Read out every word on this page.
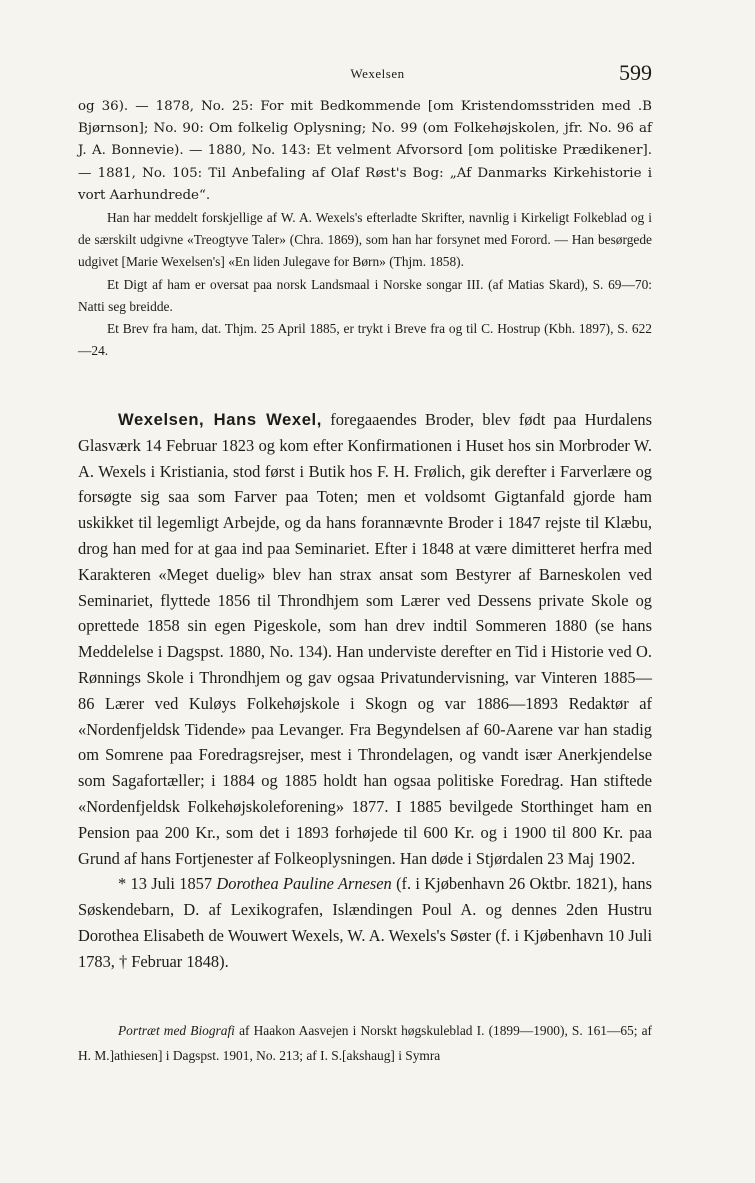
Wexelsen	599

og 36). — 1878, No. 25: For mit Bedkommende [om Kristendomsstriden med .B Bjørnson]; No. 90: Om folkelig Oplysning; No. 99 (om Folkehøjskolen, jfr. No. 96 af J. A. Bonnevie). — 1880, No. 143: Et velment Afvorsord [om politiske Prædikener]. — 1881, No. 105: Til Anbefaling af Olaf Røst's Bog: „Af Danmarks Kirkehistorie i vort Aarhundrede“.

Han har meddelt forskjellige af W. A. Wexels's efterladte Skrifter, navnlig i Kirkeligt Folkeblad og i de særskilt udgivne «Treogtyve Taler» (Chra. 1869), som han har forsynet med Forord. — Han besørgede udgivet [Marie Wexelsen's] «En liden Julegave for Børn» (Thjm. 1858).

Et Digt af ham er oversat paa norsk Landsmaal i Norske songar III. (af Matias Skard), S. 69—70: Natti seg breidde.

Et Brev fra ham, dat. Thjm. 25 April 1885, er trykt i Breve fra og til C. Hostrup (Kbh. 1897), S. 622—24.

Wexelsen, Hans Wexel, foregaaendes Broder, blev født paa Hurdalens Glasværk 14 Februar 1823 og kom efter Konfirmationen i Huset hos sin Morbroder W. A. Wexels i Kristiania, stod først i Butik hos F. H. Frølich, gik derefter i Farverlære og forsøgte sig saa som Farver paa Toten; men et voldsomt Gigtanfald gjorde ham uskikket til legemligt Arbejde, og da hans forannævnte Broder i 1847 rejste til Klæbu, drog han med for at gaa ind paa Seminariet. Efter i 1848 at være dimitteret herfra med Karakteren «Meget duelig» blev han strax ansat som Bestyrer af Barneskolen ved Seminariet, flyttede 1856 til Throndhjem som Lærer ved Dessens private Skole og oprettede 1858 sin egen Pigeskole, som han drev indtil Sommeren 1880 (se hans Meddelelse i Dagspst. 1880, No. 134). Han underviste derefter en Tid i Historie ved O. Rønnings Skole i Throndhjem og gav ogsaa Privatundervisning, var Vinteren 1885—86 Lærer ved Kuløys Folkehøjskole i Skogn og var 1886—1893 Redaktør af «Nordenfjeldsk Tidende» paa Levanger. Fra Begyndelsen af 60-Aarene var han stadig om Somrene paa Foredragsrejser, mest i Throndelagen, og vandt især Anerkjendelse som Sagafortæller; i 1884 og 1885 holdt han ogsaa politiske Foredrag. Han stiftede «Nordenfjeldsk Folkehøjskoleforening» 1877. I 1885 bevilgede Storthinget ham en Pension paa 200 Kr., som det i 1893 forhøjede til 600 Kr. og i 1900 til 800 Kr. paa Grund af hans Fortjenester af Folkeoplysningen. Han døde i Stjørdalen 23 Maj 1902.

* 13 Juli 1857 Dorothea Pauline Arnesen (f. i Kjøbenhavn 26 Oktbr. 1821), hans Søskendebarn, D. af Lexikografen, Islændingen Poul A. og dennes 2den Hustru Dorothea Elisabeth de Wouwert Wexels, W. A. Wexels's Søster (f. i Kjøbenhavn 10 Juli 1783, † Februar 1848).

Portræt med Biografi af Haakon Aasvejen i Norskt høgskuleblad I. (1899—1900), S. 161—65; af H. M.]athiesen] i Dagspst. 1901, No. 213; af I. S.[akshaug] i Symra
